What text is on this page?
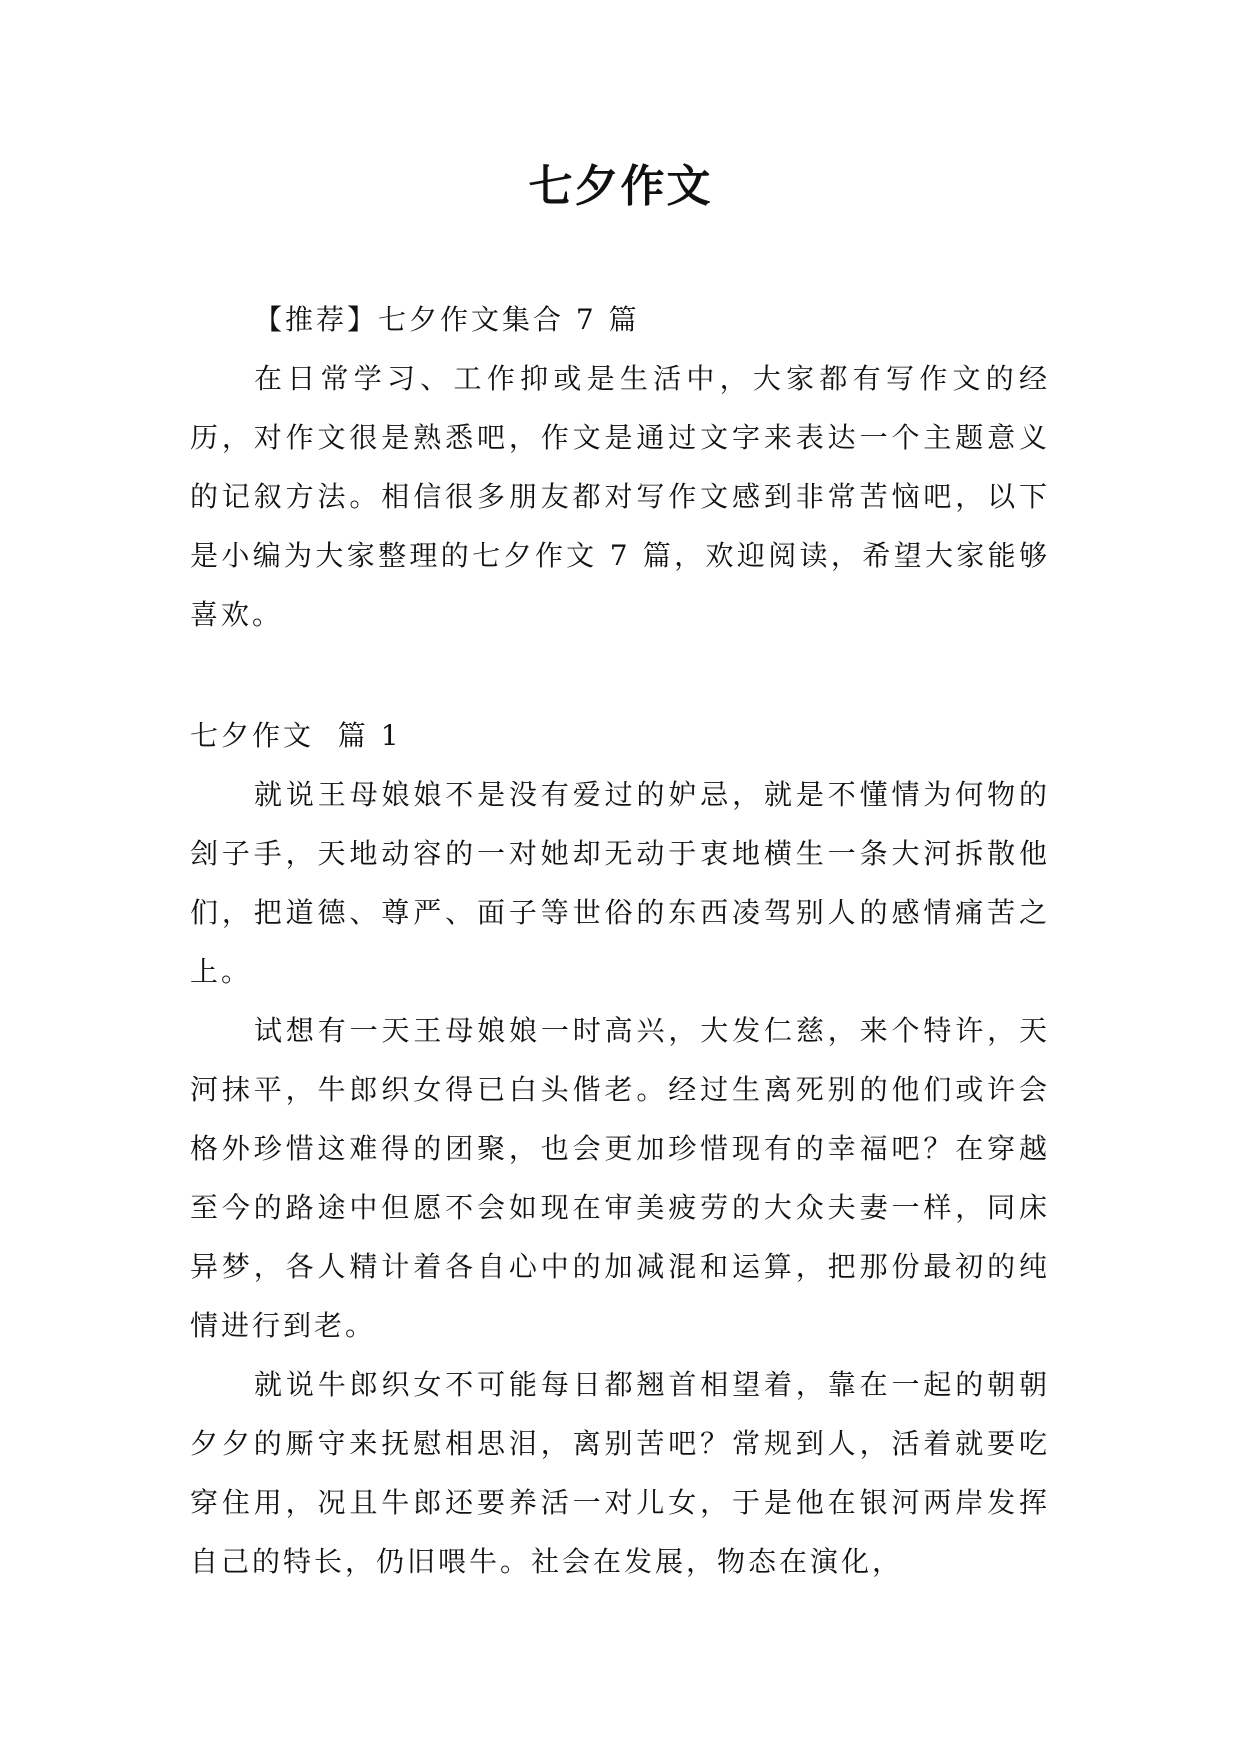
七夕作文

【推荐】七夕作文集合 7 篇

在日常学习、工作抑或是生活中，大家都有写作文的经历，对作文很是熟悉吧，作文是通过文字来表达一个主题意义的记叙方法。相信很多朋友都对写作文感到非常苦恼吧，以下是小编为大家整理的七夕作文 7 篇，欢迎阅读，希望大家能够喜欢。

七夕作文  篇 1

就说王母娘娘不是没有爱过的妒忌，就是不懂情为何物的刽子手，天地动容的一对她却无动于衷地横生一条大河拆散他们，把道德、尊严、面子等世俗的东西凌驾别人的感情痛苦之上。

试想有一天王母娘娘一时高兴，大发仁慈，来个特许，天河抹平，牛郎织女得已白头偕老。经过生离死别的他们或许会格外珍惜这难得的团聚，也会更加珍惜现有的幸福吧？在穿越至今的路途中但愿不会如现在审美疲劳的大众夫妻一样，同床异梦，各人精计着各自心中的加减混和运算，把那份最初的纯情进行到老。

就说牛郎织女不可能每日都翘首相望着，靠在一起的朝朝夕夕的厮守来抚慰相思泪，离别苦吧？常规到人，活着就要吃穿住用，况且牛郎还要养活一对儿女，于是他在银河两岸发挥自己的特长，仍旧喂牛。社会在发展，物态在演化，
